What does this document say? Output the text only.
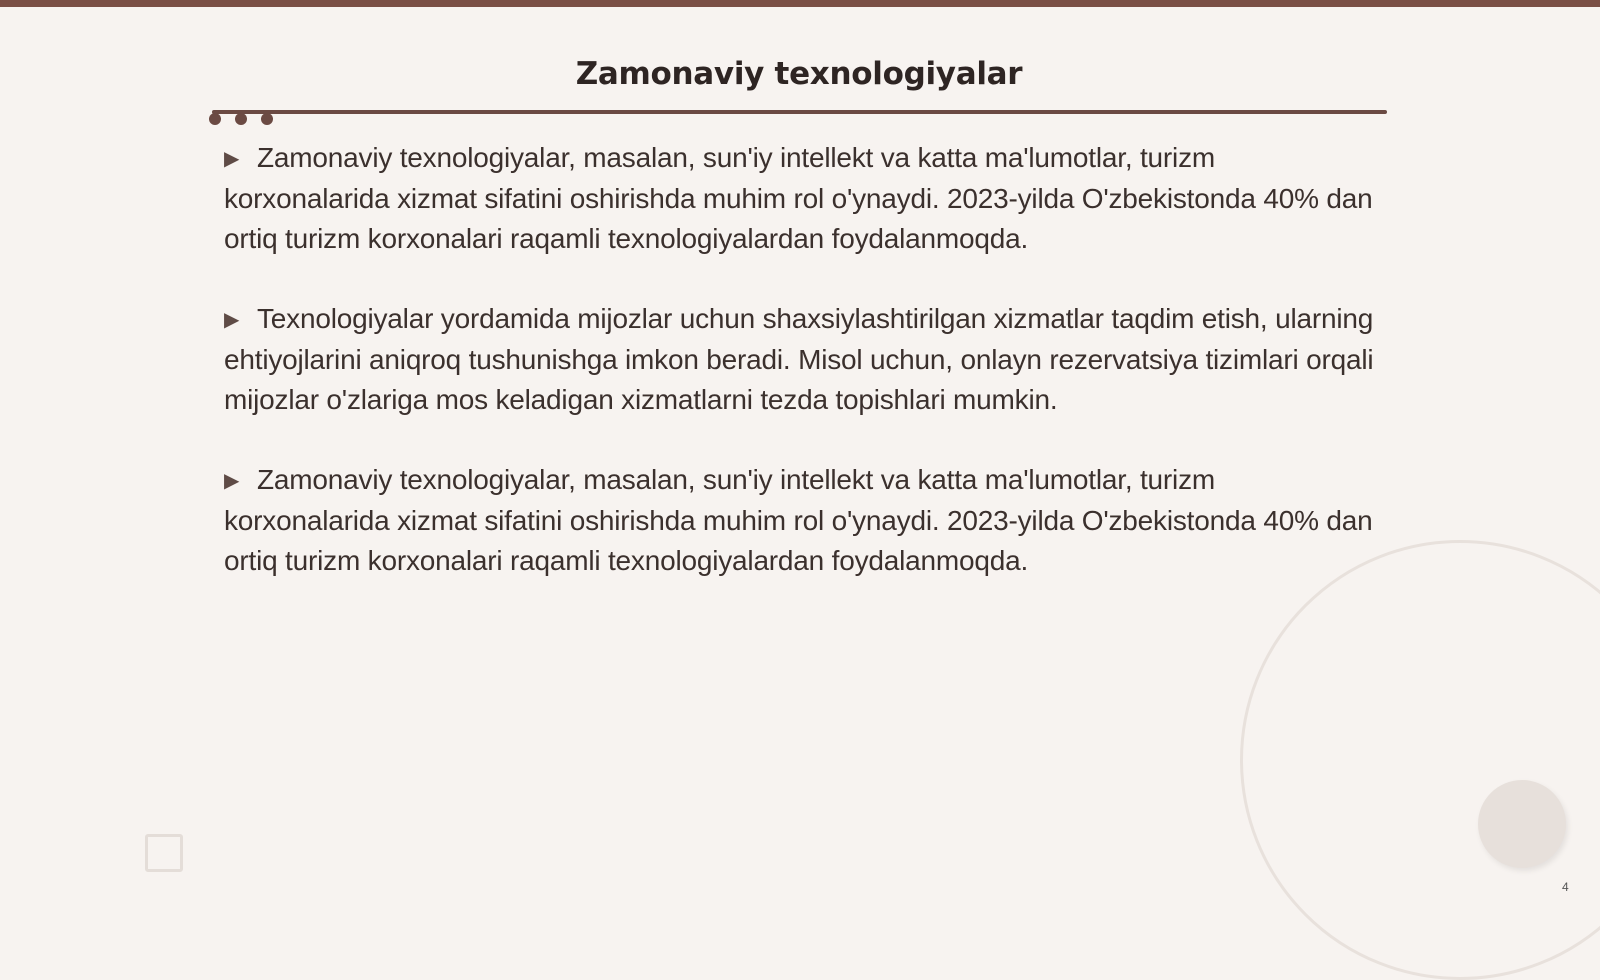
Zamonaviy texnologiyalar

▶ Zamonaviy texnologiyalar, masalan, sun'iy intellekt va katta ma'lumotlar, turizm korxonalarida xizmat sifatini oshirishda muhim rol o'ynaydi. 2023-yilda O'zbekistonda 40% dan ortiq turizm korxonalari raqamli texnologiyalardan foydalanmoqda.

▶ Texnologiyalar yordamida mijozlar uchun shaxsiylashtirilgan xizmatlar taqdim etish, ularning ehtiyojlarini aniqroq tushunishga imkon beradi. Misol uchun, onlayn rezervatsiya tizimlari orqali mijozlar o'zlariga mos keladigan xizmatlarni tezda topishlari mumkin.

▶ Zamonaviy texnologiyalar, masalan, sun'iy intellekt va katta ma'lumotlar, turizm korxonalarida xizmat sifatini oshirishda muhim rol o'ynaydi. 2023-yilda O'zbekistonda 40% dan ortiq turizm korxonalari raqamli texnologiyalardan foydalanmoqda.

4
